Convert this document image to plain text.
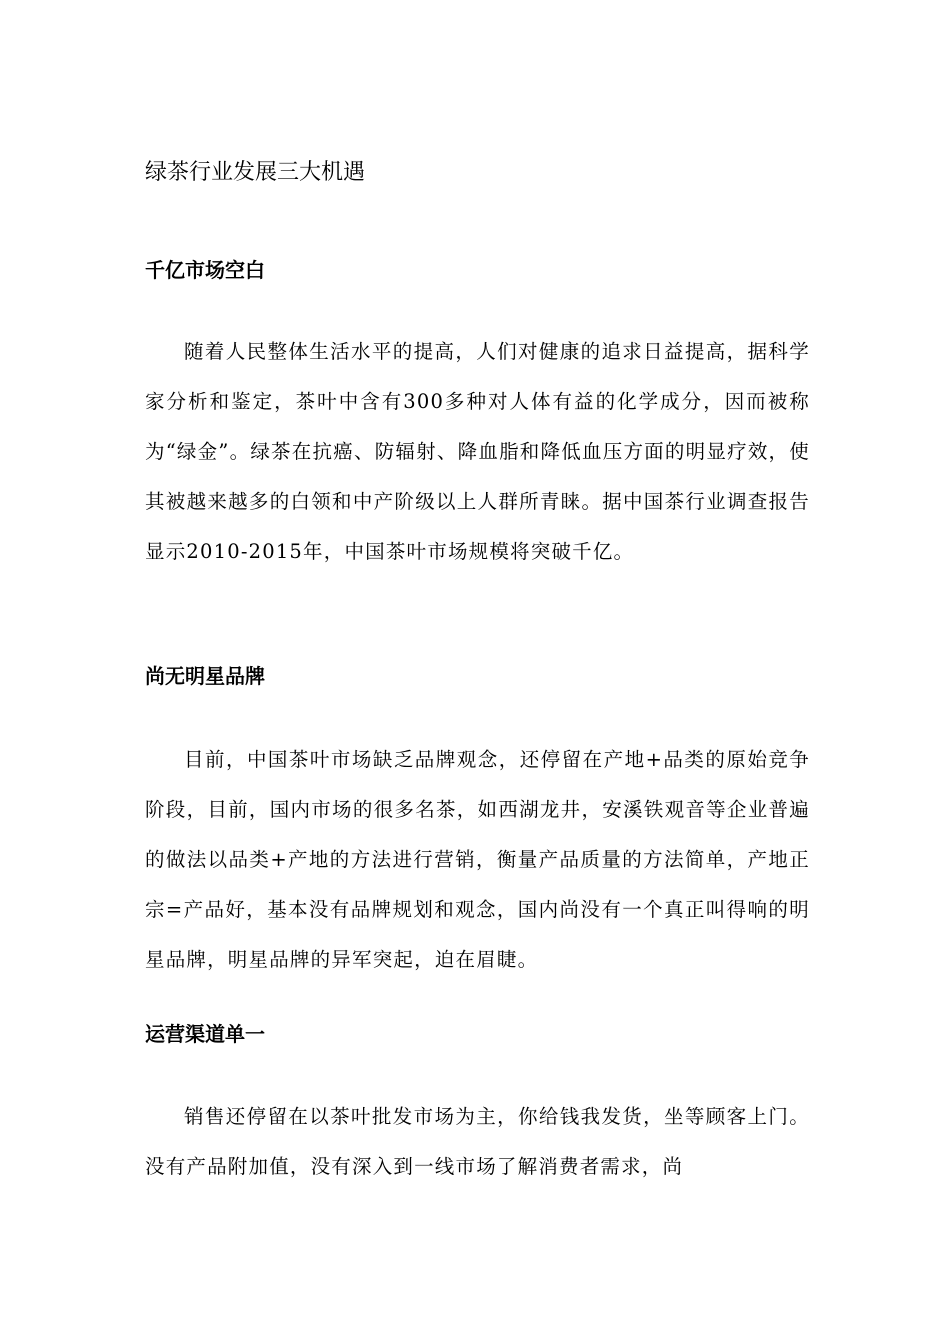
绿茶行业发展三大机遇
千亿市场空白

随着人民整体生活水平的提高，人们对健康的追求日益提高，据科学家分析和鉴定，茶叶中含有300多种对人体有益的化学成分，因而被称为“绿金”。绿茶在抗癌、防辐射、降血脂和降低血压方面的明显疗效，使其被越来越多的白领和中产阶级以上人群所青睐。据中国茶行业调查报告显示2010-2015年，中国茶叶市场规模将突破千亿。

尚无明星品牌

目前，中国茶叶市场缺乏品牌观念，还停留在产地+品类的原始竞争阶段，目前，国内市场的很多名茶，如西湖龙井，安溪铁观音等企业普遍的做法以品类+产地的方法进行营销，衡量产品质量的方法简单，产地正宗=产品好，基本没有品牌规划和观念，国内尚没有一个真正叫得响的明星品牌，明星品牌的异军突起，迫在眉睫。

运营渠道单一

销售还停留在以茶叶批发市场为主，你给钱我发货，坐等顾客上门。没有产品附加值，没有深入到一线市场了解消费者需求，尚
